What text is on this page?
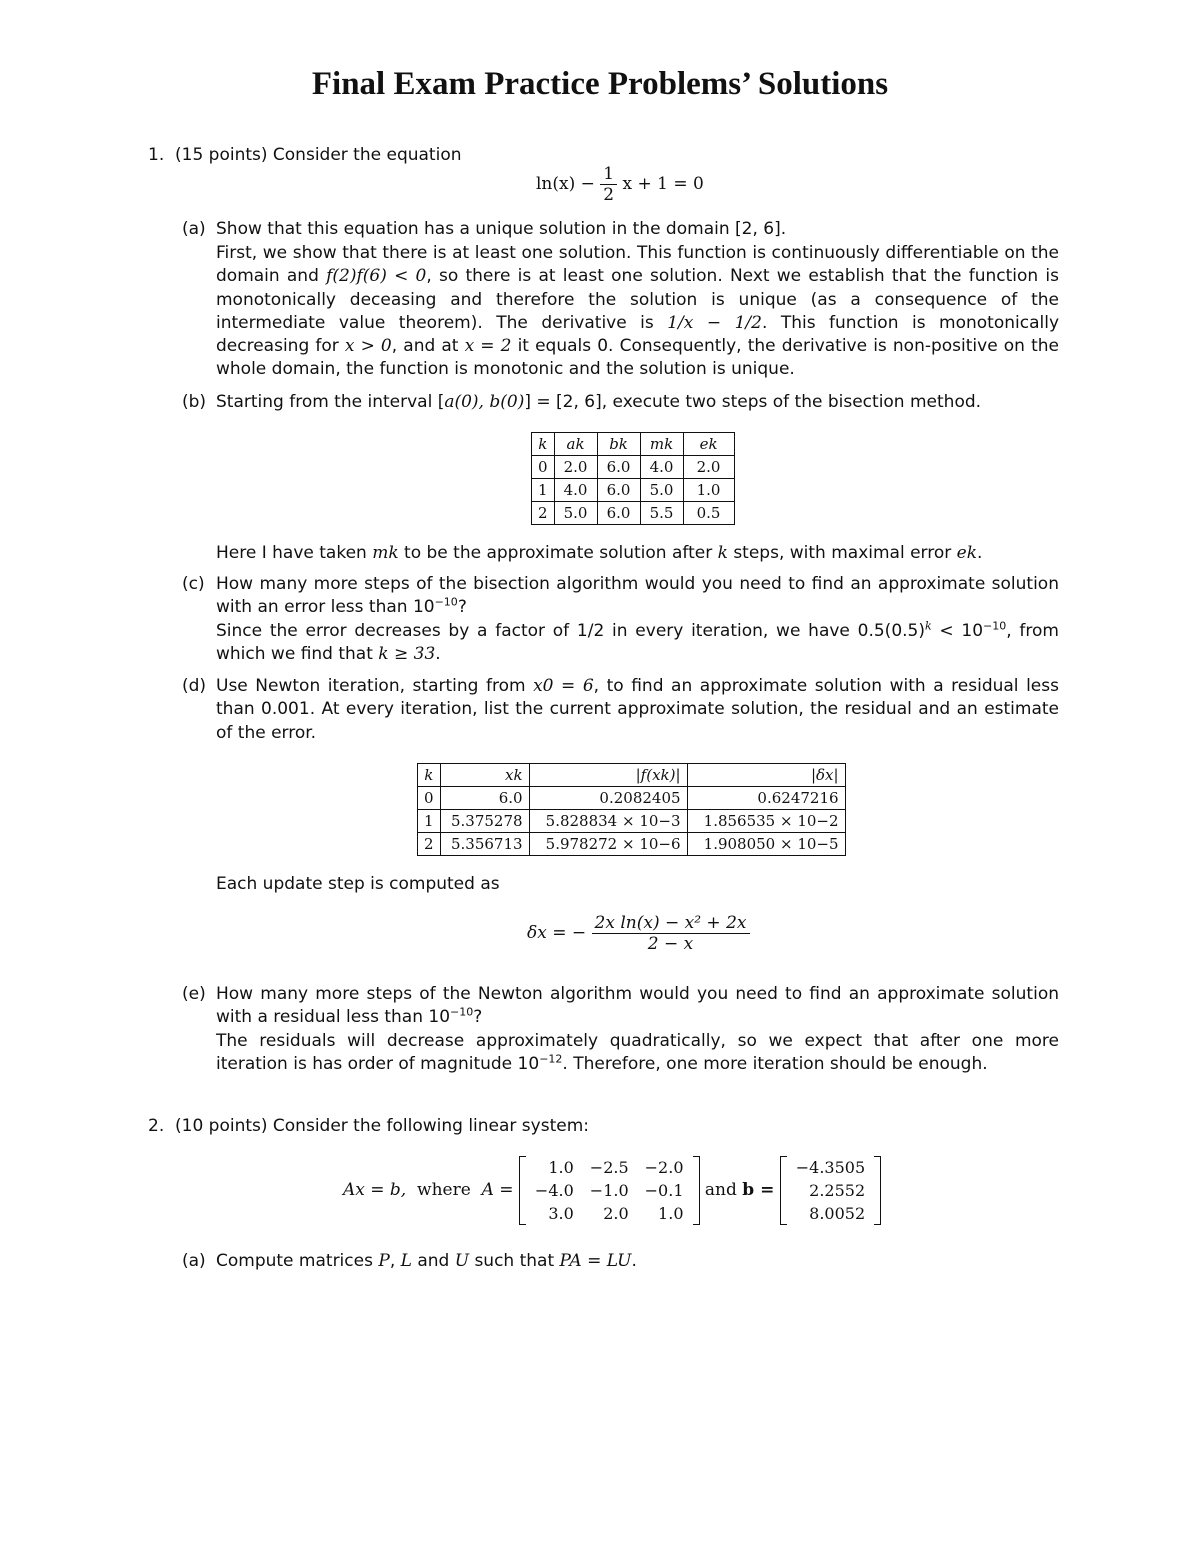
Final Exam Practice Problems’ Solutions
1. (15 points) Consider the equation
$\ln(x) - \frac{1}{2}$ x + 1 = 0
(a) Show that this equation has a unique solution in the domain [2, 6].
First, we show that there is at least one solution. This function is continuously differentiable on the domain and f(2)f(6) < 0, so there is at least one solution. Next we establish that the function is monotonically deceasing and therefore the solution is unique (as a consequence of the intermediate value theorem). The derivative is 1/x − 1/2. This function is monotonically decreasing for x > 0, and at x = 2 it equals 0. Consequently, the derivative is non-positive on the whole domain, the function is monotonic and the solution is unique.
(b) Starting from the interval [a(0), b(0)] = [2, 6], execute two steps of the bisection method.
k	ak	bk	mk	ek
0	2.0	6.0	4.0	2.0
1	4.0	6.0	5.0	1.0
2	5.0	6.0	5.5	0.5
Here I have taken mk to be the approximate solution after k steps, with maximal error ek.
(c) How many more steps of the bisection algorithm would you need to find an approximate solution with an error less than $10^{-10}$?
Since the error decreases by a factor of 1/2 in every iteration, we have $0.5(0.5)^k < 10^{-10}$, from which we find that k ≥ 33.
(d) Use Newton iteration, starting from x0 = 6, to find an approximate solution with a residual less than 0.001. At every iteration, list the current approximate solution, the residual and an estimate of the error.
k	xk	|f(xk)|	|δx|
0	6.0	0.2082405	0.6247216
1	5.375278	5.828834 × 10−3	1.856535 × 10−2
2	5.356713	5.978272 × 10−6	1.908050 × 10−5
Each update step is computed as
δx = − $\frac{\text{2x ln(x) − x² + 2x}}{2 - x}$
(e) How many more steps of the Newton algorithm would you need to find an approximate solution with a residual less than $10^{-10}$?
The residuals will decrease approximately quadratically, so we expect that after one more iteration is has order of magnitude $10^{-12}$. Therefore, one more iteration should be enough.
2. (10 points) Consider the following linear system:
Ax = b, where A =
1.0	−2.5	−2.0
−4.0	−1.0	−0.1
3.0	2.0	1.0
and b =
−4.3505
2.2552
8.0052
(a) Compute matrices P, L and U such that PA = LU.
